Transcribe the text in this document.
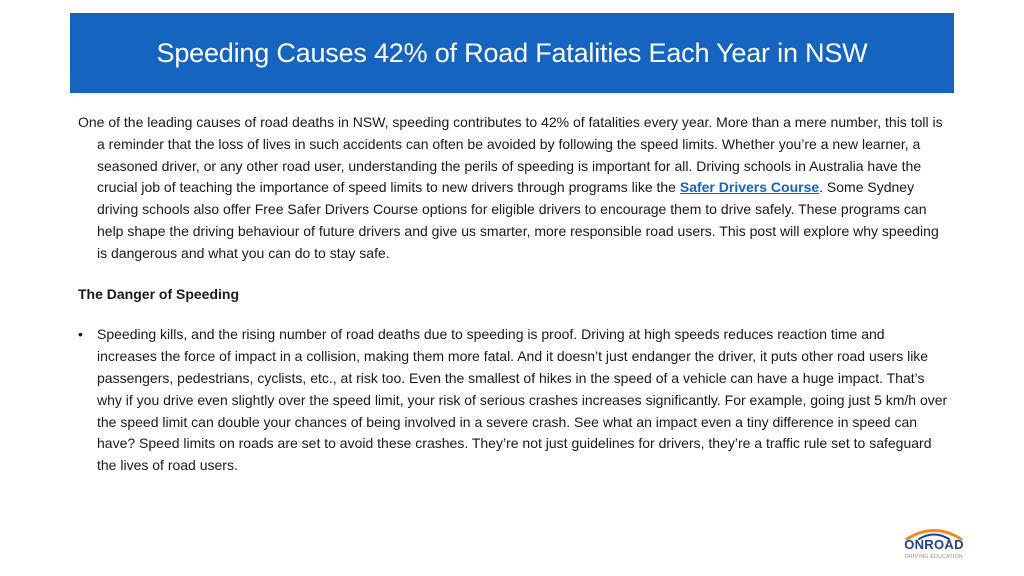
Speeding Causes 42% of Road Fatalities Each Year in NSW

One of the leading causes of road deaths in NSW, speeding contributes to 42% of fatalities every year. More than a mere number, this toll is a reminder that the loss of lives in such accidents can often be avoided by following the speed limits. Whether you’re a new learner, a seasoned driver, or any other road user, understanding the perils of speeding is important for all. Driving schools in Australia have the crucial job of teaching the importance of speed limits to new drivers through programs like the Safer Drivers Course. Some Sydney driving schools also offer Free Safer Drivers Course options for eligible drivers to encourage them to drive safely. These programs can help shape the driving behaviour of future drivers and give us smarter, more responsible road users. This post will explore why speeding is dangerous and what you can do to stay safe.

The Danger of Speeding
• Speeding kills, and the rising number of road deaths due to speeding is proof. Driving at high speeds reduces reaction time and increases the force of impact in a collision, making them more fatal. And it doesn’t just endanger the driver, it puts other road users like passengers, pedestrians, cyclists, etc., at risk too. Even the smallest of hikes in the speed of a vehicle can have a huge impact. That’s why if you drive even slightly over the speed limit, your risk of serious crashes increases significantly. For example, going just 5 km/h over the speed limit can double your chances of being involved in a severe crash. See what an impact even a tiny difference in speed can have? Speed limits on roads are set to avoid these crashes. They’re not just guidelines for drivers, they’re a traffic rule set to safeguard the lives of road users.
ONROAD
DRIVING EDUCATION
